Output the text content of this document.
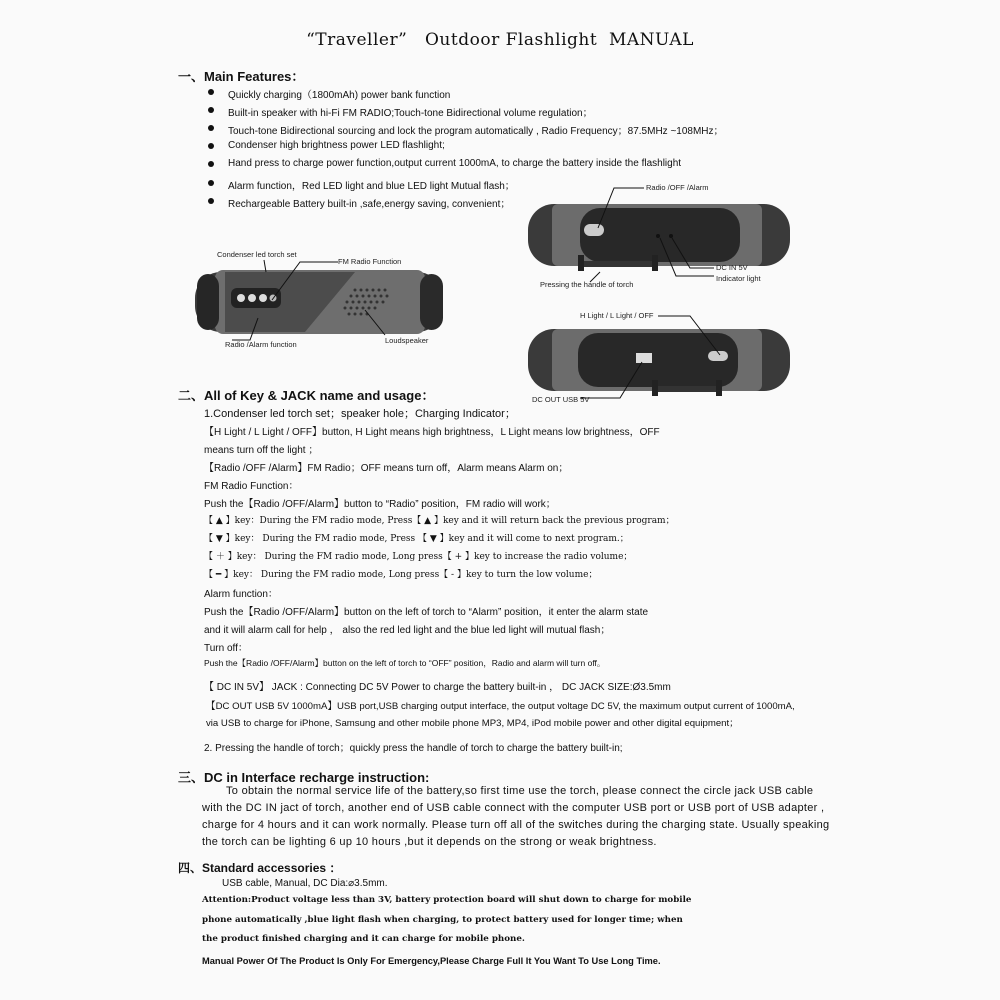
“Traveller”   Outdoor Flashlight  MANUAL
一、Main Features：
Quickly charging（1800mAh) power bank function
Built-in speaker with hi-Fi FM RADIO;Touch-tone Bidirectional volume regulation；
Touch-tone Bidirectional sourcing and lock the program automatically , Radio Frequency；87.5MHz ~108MHz；
Condenser high brightness power LED flashlight;
Hand press to charge power function,output current 1000mA, to charge the battery inside the flashlight
Alarm function，Red LED light and blue LED light Mutual flash；
Rechargeable Battery built-in ,safe,energy saving, convenient；
Condenser led torch set
FM Radio Function
Radio /Alarm function	Loudspeaker
Radio /OFF /Alarm
DC IN 5V
Indicator light
Pressing the handle of torch
H Light / L Light / OFF
DC OUT USB 5V
二、All of Key & JACK name and usage：
1.Condenser led torch set；speaker hole；Charging Indicator；
【H Light / L Light / OFF】button, H Light means high brightness，L Light means low brightness，OFF
means turn off the light ；
【Radio /OFF /Alarm】FM Radio；OFF means turn off，Alarm means Alarm on；
FM Radio Function：
Push the【Radio /OFF/Alarm】button to “Radio” position，FM radio will work；
【 ▲ 】key：During the FM radio mode, Press【 ▲ 】key and it will return back the previous program；
【 ▼ 】key： During the FM radio mode, Press 【 ▼ 】key and it will come to next program.；
【 ＋ 】key： During the FM radio mode, Long press【 + 】key to increase the radio volume；
【 ━ 】key： During the FM radio mode, Long press【 - 】key to turn the low volume；
Alarm function：
Push the【Radio /OFF/Alarm】button on the left of torch to “Alarm” position，it enter the alarm state
and it will alarm call for help ， also the red led light and the blue led light will mutual flash；
Turn off：
Push the【Radio /OFF/Alarm】button on the left of torch to “OFF” position，Radio and alarm will turn off。
【 DC IN 5V】 JACK : Connecting DC 5V Power to charge the battery built-in ， DC JACK SIZE:Ø3.5mm
【DC OUT USB 5V 1000mA】USB port,USB charging output interface, the output voltage DC 5V, the maximum output current of 1000mA,
via USB to charge for iPhone, Samsung and other mobile phone MP3, MP4, iPod mobile power and other digital equipment；
2. Pressing the handle of torch；quickly press the handle of torch to charge the battery built-in;
三、DC in Interface recharge instruction:
To obtain the normal service life of the battery,so first time use the torch, please connect the circle jack USB cable
with the DC IN jact of torch, another end of USB cable connect with the computer USB port or USB port of USB adapter ,
charge for 4 hours and it can work normally. Please turn off all of the switches during the charging state. Usually speaking
the torch can be lighting 6 up 10 hours ,but it depends on the strong or weak brightness.
四、Standard accessories ：
USB cable, Manual, DC Dia:⌀3.5mm.
Attention:Product voltage less than 3V, battery protection board will shut down to charge for mobile
phone automatically ,blue light flash when charging, to protect battery used for longer time; when
the product finished charging and it can charge for mobile phone.
Manual Power Of The Product Is Only For Emergency,Please Charge Full It You Want To Use Long Time.
